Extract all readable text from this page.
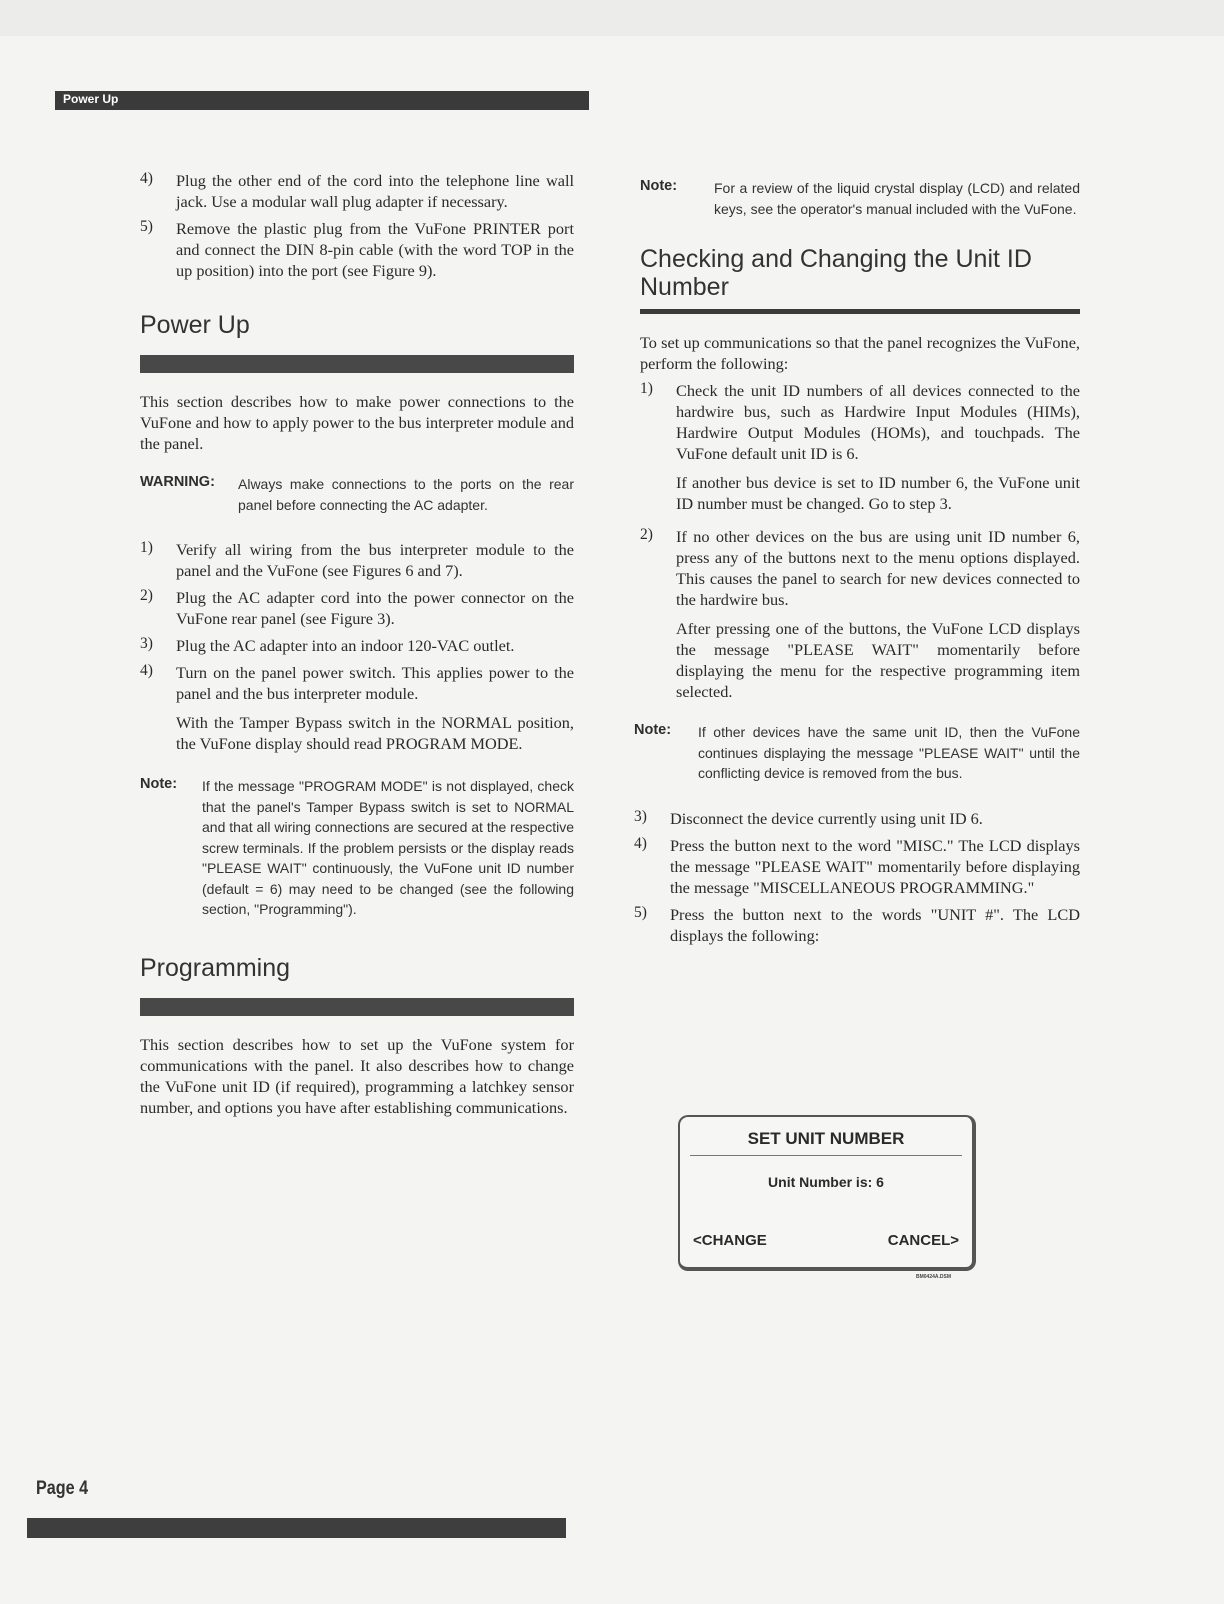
Power Up
4)	Plug the other end of the cord into the telephone line wall jack. Use a modular wall plug adapter if necessary.

5)	Remove the plastic plug from the VuFone PRINTER port and connect the DIN 8-pin cable (with the word TOP in the up position) into the port (see Figure 9).

Power Up

This section describes how to make power connections to the VuFone and how to apply power to the bus interpreter module and the panel.

WARNING: Always make connections to the ports on the rear panel before connecting the AC adapter.

1)	Verify all wiring from the bus interpreter module to the panel and the VuFone (see Figures 6 and 7).

2)	Plug the AC adapter cord into the power connector on the VuFone rear panel (see Figure 3).

3)	Plug the AC adapter into an indoor 120-VAC outlet.

4)	Turn on the panel power switch. This applies power to the panel and the bus interpreter module.

With the Tamper Bypass switch in the NORMAL position, the VuFone display should read PROGRAM MODE.

Note: If the message "PROGRAM MODE" is not displayed, check that the panel's Tamper Bypass switch is set to NORMAL and that all wiring connections are secured at the respective screw terminals. If the problem persists or the display reads "PLEASE WAIT" continuously, the VuFone unit ID number (default = 6) may need to be changed (see the following section, "Programming").

Programming

This section describes how to set up the VuFone system for communications with the panel. It also describes how to change the VuFone unit ID (if required), programming a latchkey sensor number, and options you have after establishing communications.

Note:	For a review of the liquid crystal display (LCD) and related keys, see the operator's manual included with the VuFone.

Checking and Changing the Unit ID Number

To set up communications so that the panel recognizes the VuFone, perform the following:

1)	Check the unit ID numbers of all devices connected to the hardwire bus, such as Hardwire Input Modules (HIMs), Hardwire Output Modules (HOMs), and touchpads. The VuFone default unit ID is 6.

If another bus device is set to ID number 6, the VuFone unit ID number must be changed. Go to step 3.

2)	If no other devices on the bus are using unit ID number 6, press any of the buttons next to the menu options displayed. This causes the panel to search for new devices connected to the hardwire bus.

After pressing one of the buttons, the VuFone LCD displays the message "PLEASE WAIT" momentarily before displaying the menu for the respective programming item selected.

Note: If other devices have the same unit ID, then the VuFone continues displaying the message "PLEASE WAIT" until the conflicting device is removed from the bus.

3)	Disconnect the device currently using unit ID 6.

4)	Press the button next to the word "MISC." The LCD displays the message "PLEASE WAIT" momentarily before displaying the message "MISCELLANEOUS PROGRAMMING."

5)	Press the button next to the words "UNIT #". The LCD displays the following:

SET UNIT NUMBER
Unit Number is: 6
<CHANGE	CANCEL>
BM0424A.DSM
Page 4
